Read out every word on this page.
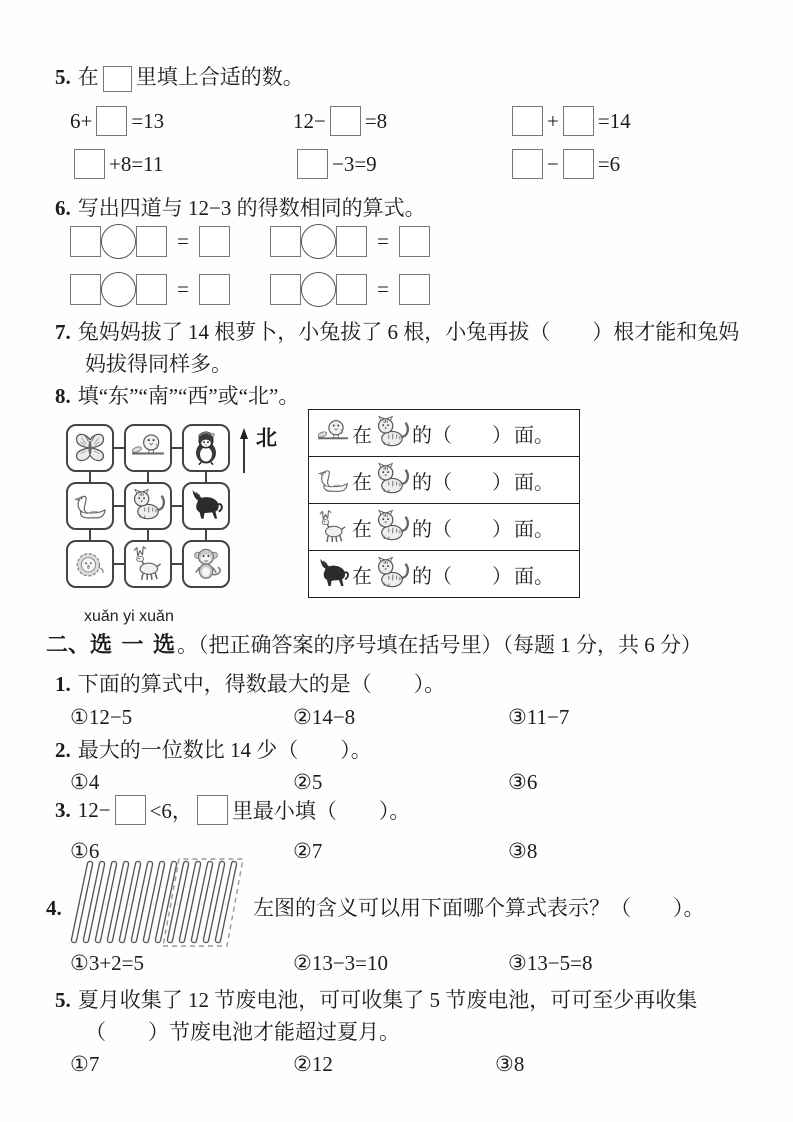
5. 在 里填上合适的数。
6+ =13	12− =8	+ =14
+8=11	−3=9	− =6
6. 写出四道与 12−3 的得数相同的算式。
=	=
=	=
7. 兔妈妈拔了 14 根萝卜，小兔拔了 6 根，小兔再拔（　　）根才能和兔妈
妈拔得同样多。
8. 填“东”“南”“西”或“北”。
北	在 的（　　） 面。
在 的（　　） 面。
在 的（　　） 面。
在 的（　　） 面。
xuǎn yi xuǎn
二、选 一 选。（把正确答案的序号填在括号里）（每题 1 分，共 6 分）
1. 下面的算式中，得数最大的是（　　）。
①12−5	②14−8	③11−7
2. 最大的一位数比 14 少（　　）。
①4	②5	③6
3. 12− <6， 里最小填（　　）。
①6	②7	③8
4.	左图的含义可以用下面哪个算式表示？（　　）。
①3+2=5	②13−3=10	③13−5=8
5. 夏月收集了 12 节废电池，可可收集了 5 节废电池，可可至少再收集
（　　）节废电池才能超过夏月。
①7	②12	③8
